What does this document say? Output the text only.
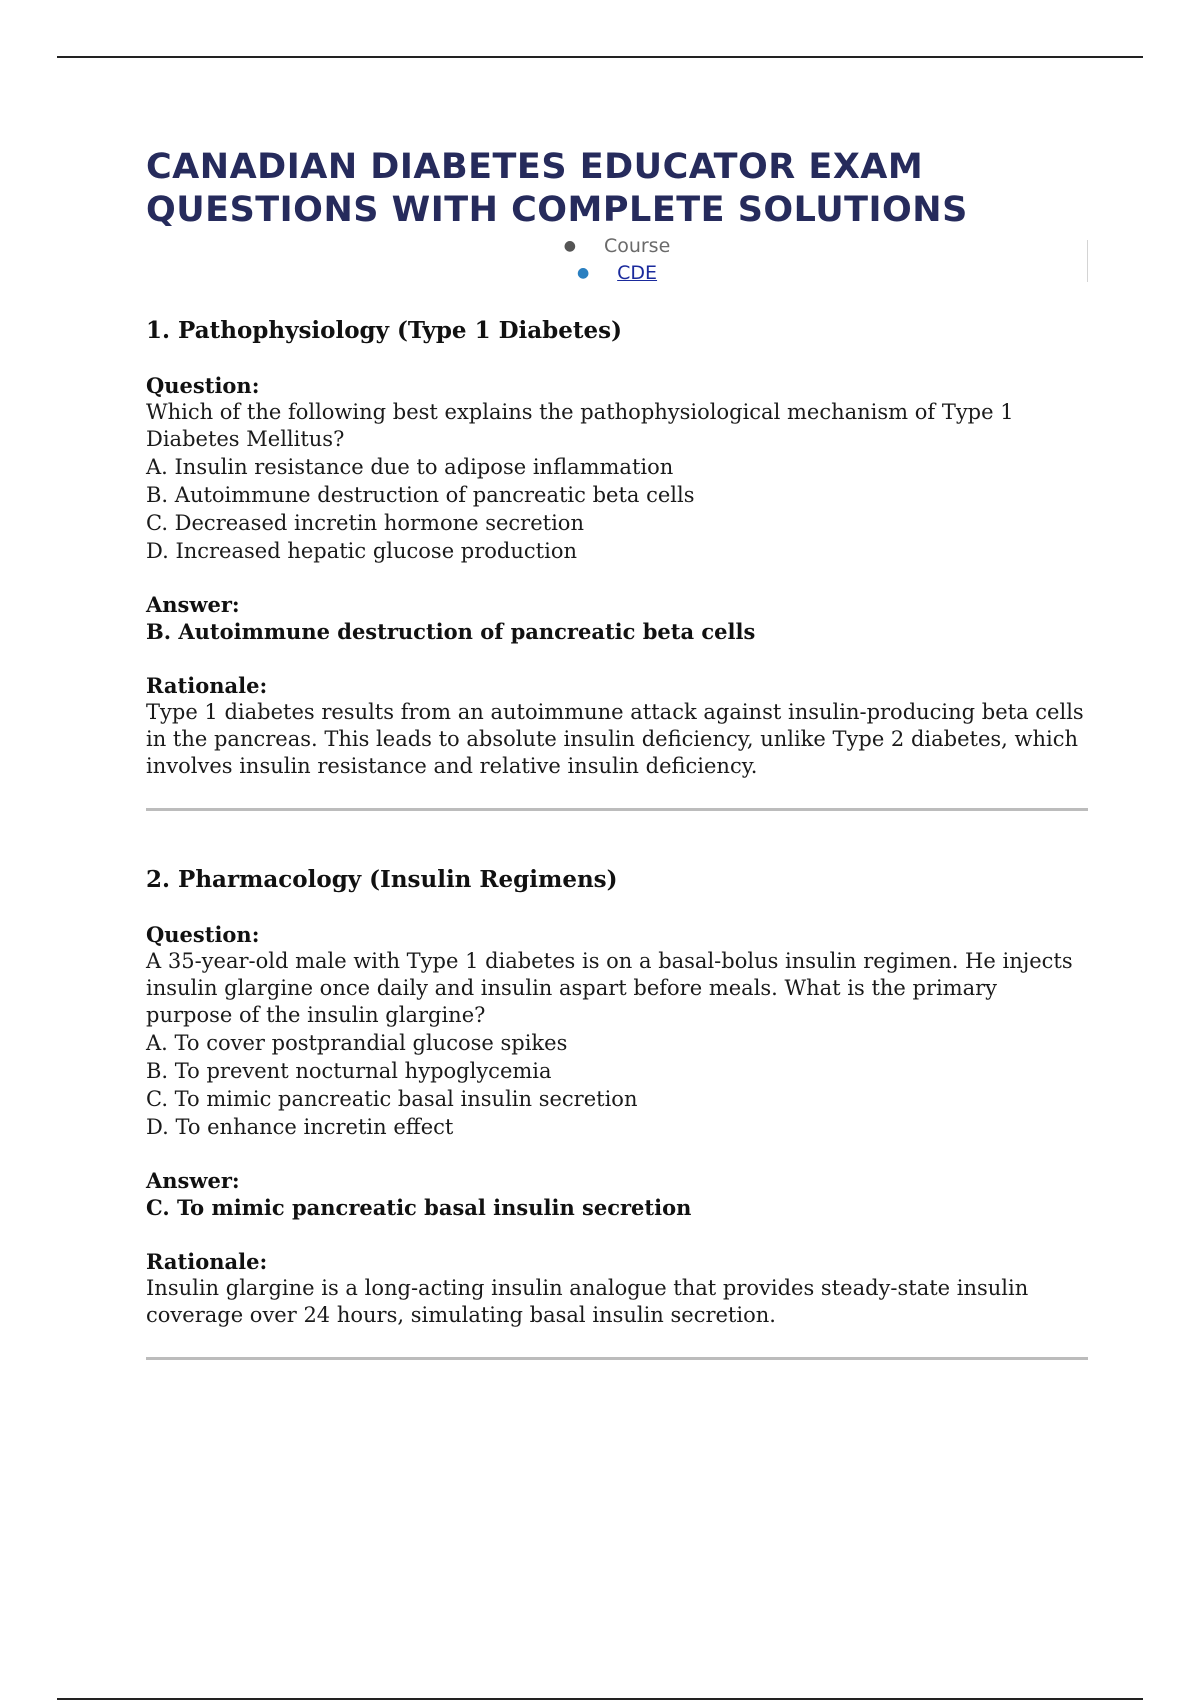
CANADIAN DIABETES EDUCATOR EXAM QUESTIONS WITH COMPLETE SOLUTIONS
● Course
● CDE
1. Pathophysiology (Type 1 Diabetes)
Question:
Which of the following best explains the pathophysiological mechanism of Type 1 Diabetes Mellitus?
A. Insulin resistance due to adipose inflammation
B. Autoimmune destruction of pancreatic beta cells
C. Decreased incretin hormone secretion
D. Increased hepatic glucose production
Answer:
B. Autoimmune destruction of pancreatic beta cells
Rationale:
Type 1 diabetes results from an autoimmune attack against insulin-producing beta cells in the pancreas. This leads to absolute insulin deficiency, unlike Type 2 diabetes, which involves insulin resistance and relative insulin deficiency.
2. Pharmacology (Insulin Regimens)
Question:
A 35-year-old male with Type 1 diabetes is on a basal-bolus insulin regimen. He injects insulin glargine once daily and insulin aspart before meals. What is the primary purpose of the insulin glargine?
A. To cover postprandial glucose spikes
B. To prevent nocturnal hypoglycemia
C. To mimic pancreatic basal insulin secretion
D. To enhance incretin effect
Answer:
C. To mimic pancreatic basal insulin secretion
Rationale:
Insulin glargine is a long-acting insulin analogue that provides steady-state insulin coverage over 24 hours, simulating basal insulin secretion.
